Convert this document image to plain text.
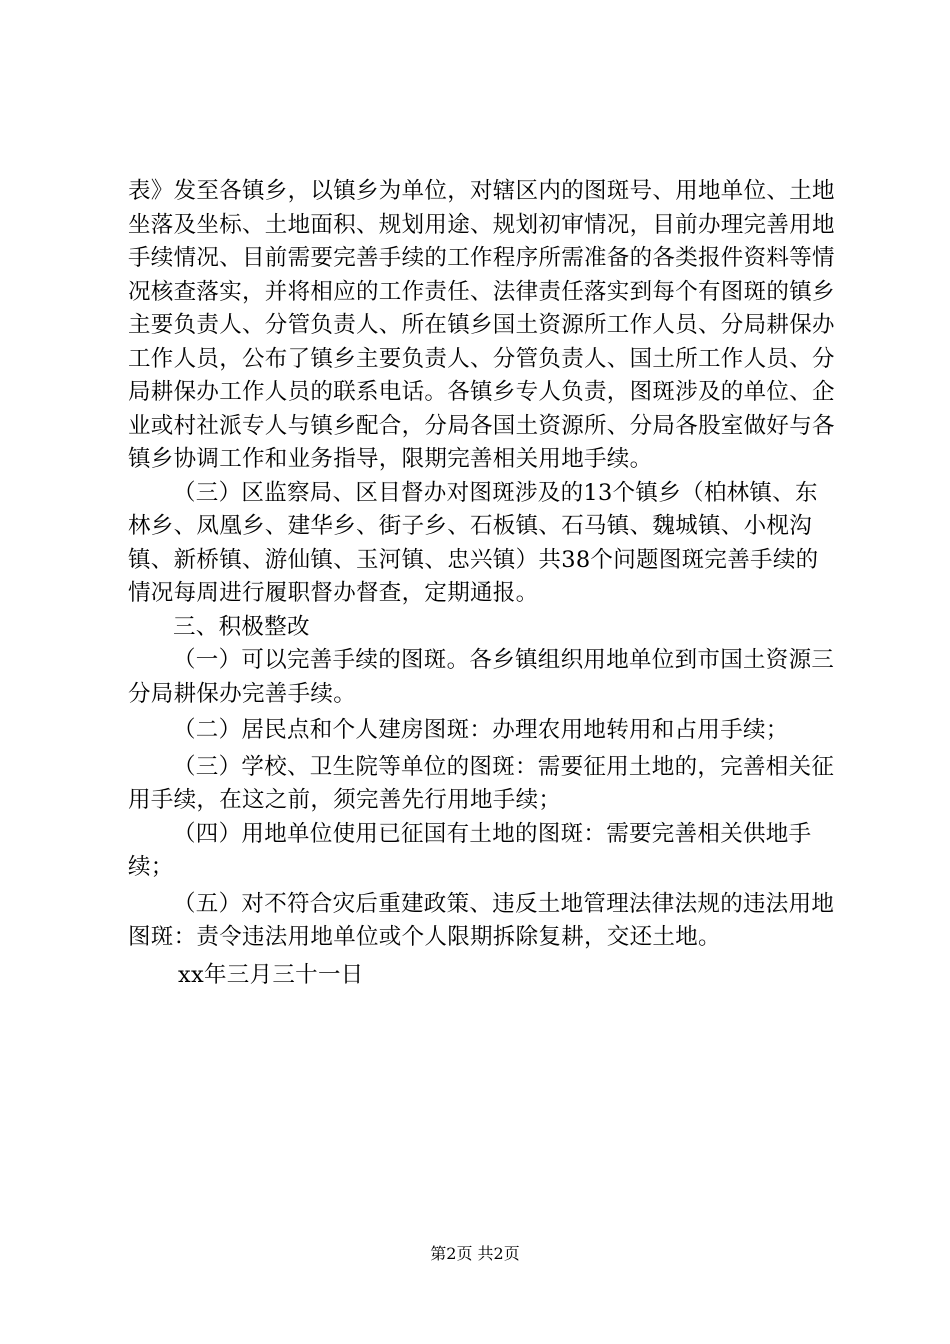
表》发至各镇乡，以镇乡为单位，对辖区内的图斑号、用地单位、土地坐落及坐标、土地面积、规划用途、规划初审情况，目前办理完善用地手续情况、目前需要完善手续的工作程序所需准备的各类报件资料等情况核查落实，并将相应的工作责任、法律责任落实到每个有图斑的镇乡主要负责人、分管负责人、所在镇乡国土资源所工作人员、分局耕保办工作人员，公布了镇乡主要负责人、分管负责人、国土所工作人员、分局耕保办工作人员的联系电话。各镇乡专人负责，图斑涉及的单位、企业或村社派专人与镇乡配合，分局各国土资源所、分局各股室做好与各镇乡协调工作和业务指导，限期完善相关用地手续。

（三）区监察局、区目督办对图斑涉及的13个镇乡（柏林镇、东林乡、凤凰乡、建华乡、街子乡、石板镇、石马镇、魏城镇、小枧沟镇、新桥镇、游仙镇、玉河镇、忠兴镇）共38个问题图斑完善手续的情况每周进行履职督办督查，定期通报。

三、积极整改

（一）可以完善手续的图斑。各乡镇组织用地单位到市国土资源三分局耕保办完善手续。

（二）居民点和个人建房图斑：办理农用地转用和占用手续；

（三）学校、卫生院等单位的图斑：需要征用土地的，完善相关征用手续，在这之前，须完善先行用地手续；

（四）用地单位使用已征国有土地的图斑：需要完善相关供地手续；

（五）对不符合灾后重建政策、违反土地管理法律法规的违法用地图斑：责令违法用地单位或个人限期拆除复耕，交还土地。

xx年三月三十一日

第2页 共2页
